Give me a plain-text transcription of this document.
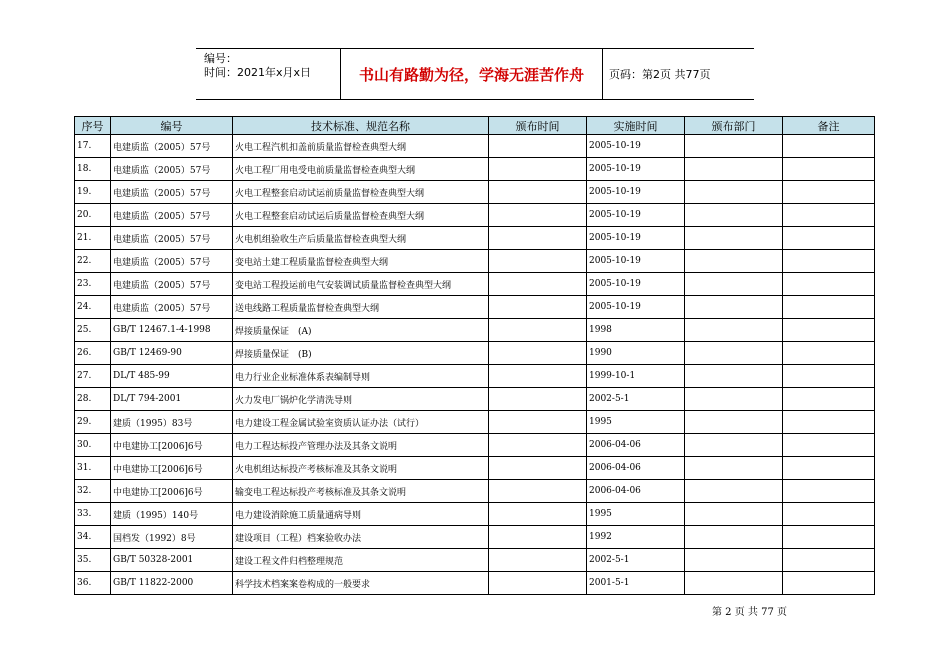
编号：
时间：2021年x月x日	书山有路勤为径，学海无涯苦作舟	页码：第2页 共77页
序号	编号	技术标准、规范名称	颁布时间	实施时间	颁布部门	备注
17.	电建质监（2005）57号	火电工程汽机扣盖前质量监督检查典型大纲		2005-10-19		
18.	电建质监（2005）57号	火电工程厂用电受电前质量监督检查典型大纲		2005-10-19		
19.	电建质监（2005）57号	火电工程整套启动试运前质量监督检查典型大纲		2005-10-19		
20.	电建质监（2005）57号	火电工程整套启动试运后质量监督检查典型大纲		2005-10-19		
21.	电建质监（2005）57号	火电机组验收生产后质量监督检查典型大纲		2005-10-19		
22.	电建质监（2005）57号	变电站土建工程质量监督检查典型大纲		2005-10-19		
23.	电建质监（2005）57号	变电站工程投运前电气安装调试质量监督检查典型大纲		2005-10-19		
24.	电建质监（2005）57号	送电线路工程质量监督检查典型大纲		2005-10-19		
25.	GB/T 12467.1-4-1998	焊接质量保证　(A)		1998		
26.	GB/T 12469-90	焊接质量保证　(B)		1990		
27.	DL/T 485-99	电力行业企业标准体系表编制导则		1999-10-1		
28.	DL/T 794-2001	火力发电厂锅炉化学清洗导则		2002-5-1		
29.	建质（1995）83号	电力建设工程金属试验室资质认证办法（试行）		1995		
30.	中电建协工[2006]6号	电力工程达标投产管理办法及其条文说明		2006-04-06		
31.	中电建协工[2006]6号	火电机组达标投产考核标准及其条文说明		2006-04-06		
32.	中电建协工[2006]6号	输变电工程达标投产考核标准及其条文说明		2006-04-06		
33.	建质（1995）140号	电力建设消除施工质量通病导则		1995		
34.	国档发（1992）8号	建设项目（工程）档案验收办法		1992		
35.	GB/T 50328-2001	建设工程文件归档整理规范		2002-5-1		
36.	GB/T 11822-2000	科学技术档案案卷构成的一般要求		2001-5-1		
第 2 页 共 77 页
